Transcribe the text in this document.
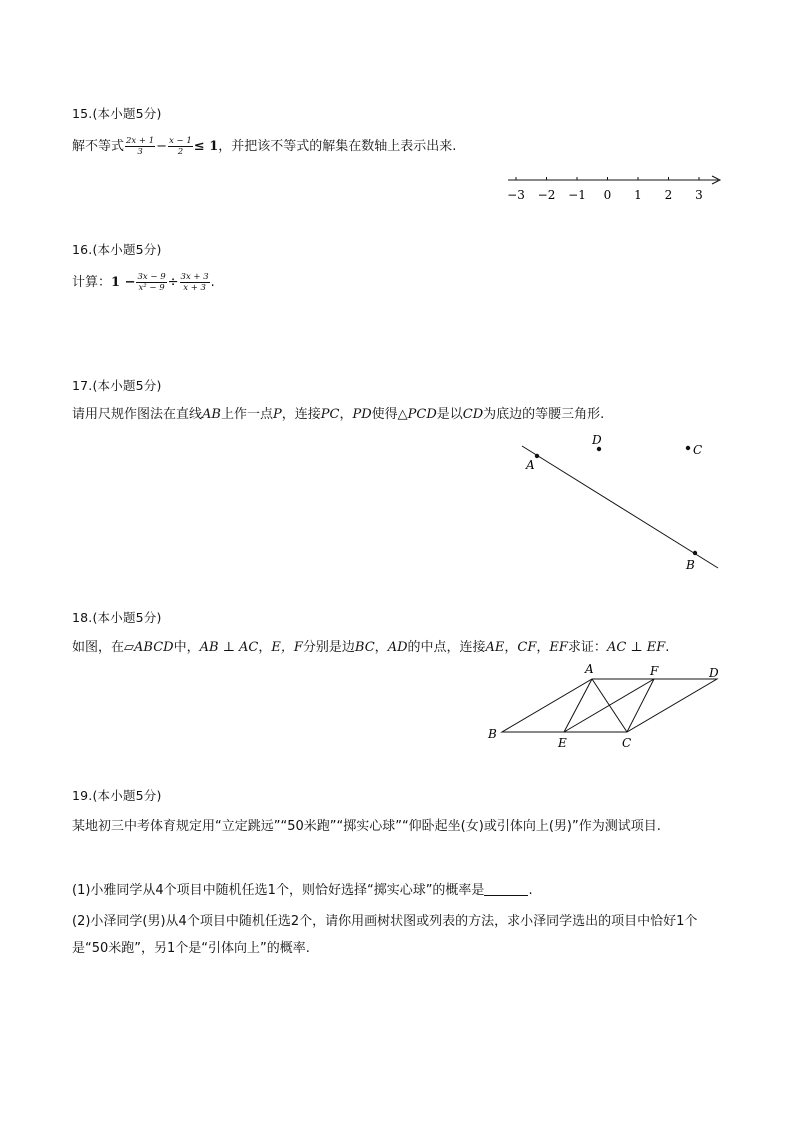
15.(本小题5分)
解不等式 $\frac{2x + 1}{3} - \frac{x - 1}{2} \le 1$，并把该不等式的解集在数轴上表示出来.
−3 −2 −1 0 1 2 3
16.(本小题5分)
计算：$1 - \frac{3x - 9}{\text{x² − 9}} \div \frac{3x + 3}{x + 3}$ .
17.(本小题5分)
请用尺规作图法在直线AB上作一点P，连接PC，PD使得△PCD是以CD为底边的等腰三角形.
A
B
D
C
18.(本小题5分)
如图，在▱ABCD中，AB ⊥ AC，E，F分别是边BC，AD的中点，连接AE，CF，EF求证：AC ⊥ EF.
A	F	D
B
E	C
19.(本小题5分)
某地初三中考体育规定用“立定跳远”“50米跑”“掷实心球”“仰卧起坐(女)或引体向上(男)”作为测试项目.
(1)小雅同学从4个项目中随机任选1个，则恰好选择“掷实心球”的概率是	.
(2)小泽同学(男)从4个项目中随机任选2个，请你用画树状图或列表的方法，求小泽同学选出的项目中恰好1个是“50米跑”，另1个是“引体向上”的概率.
